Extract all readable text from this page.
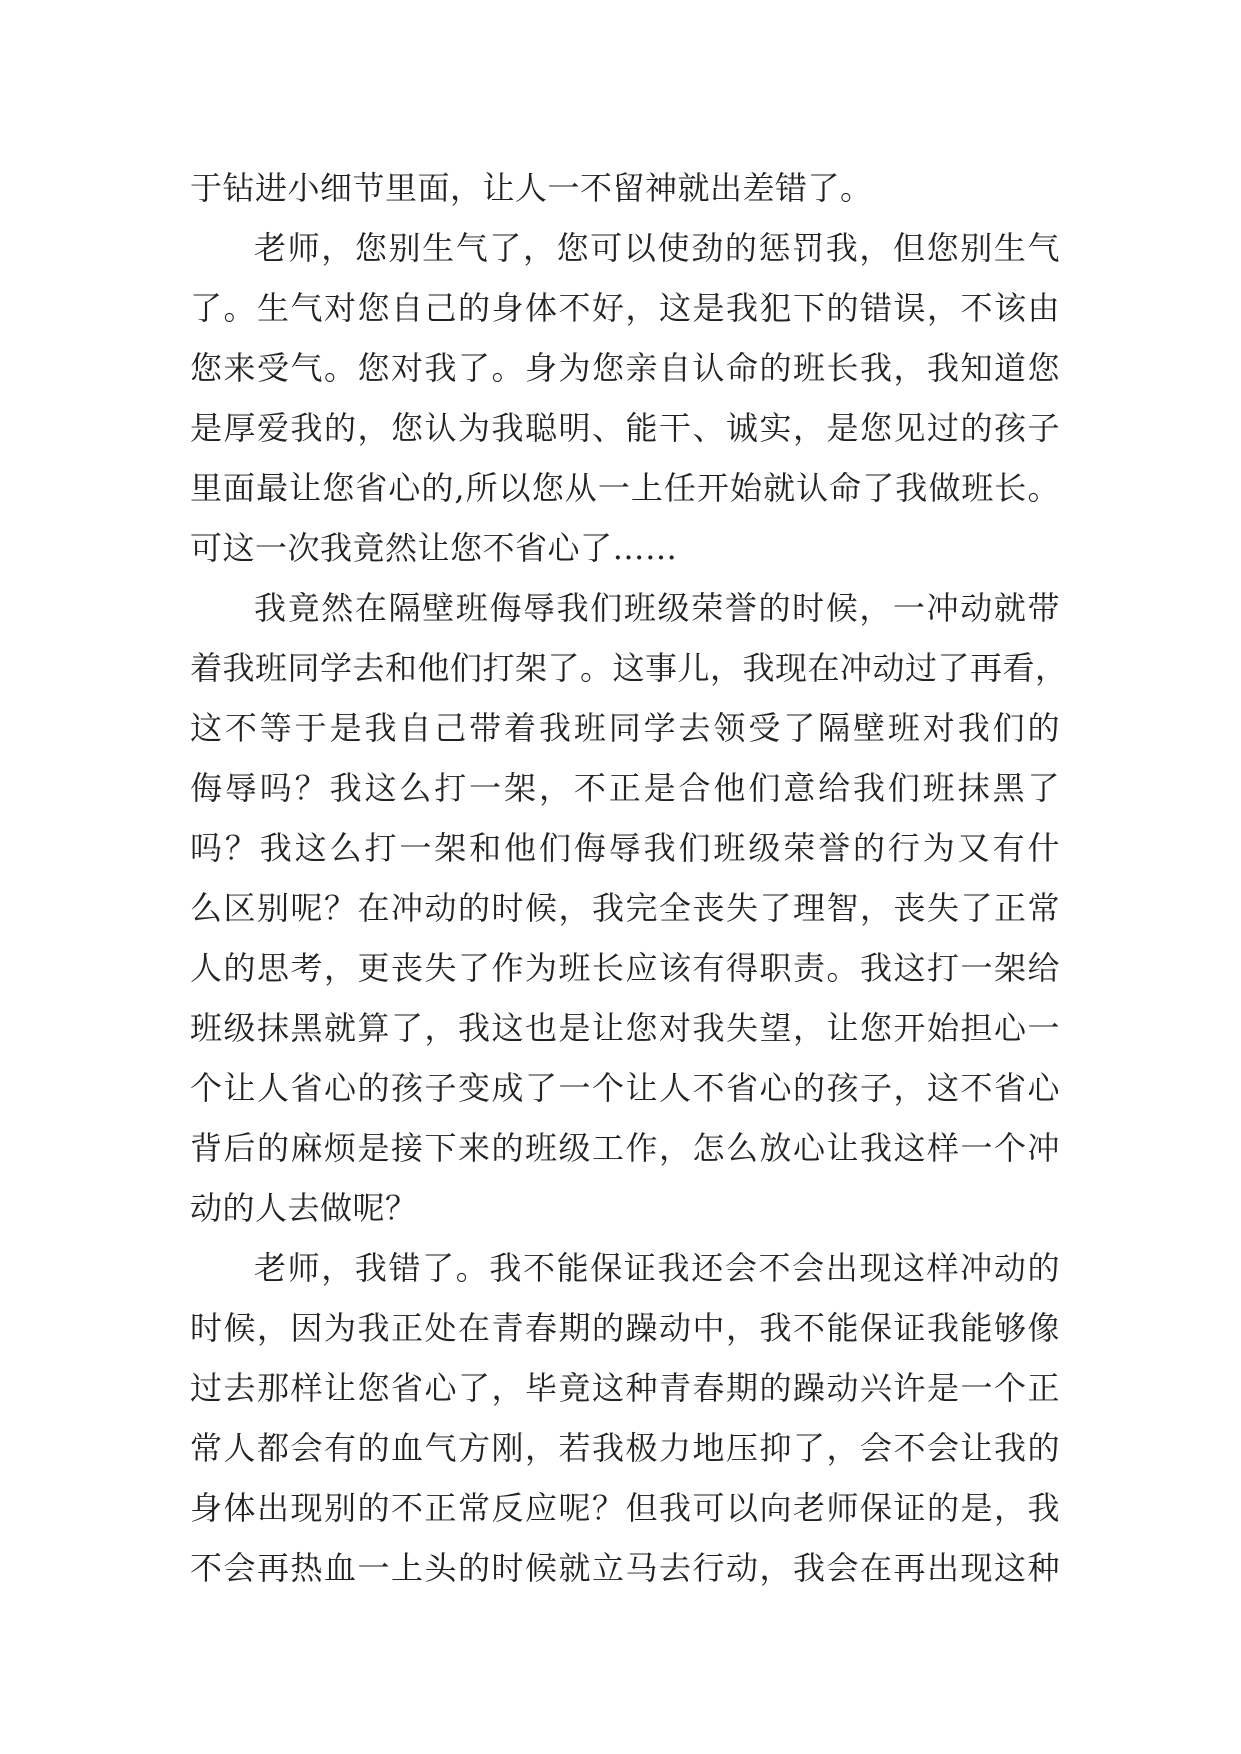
于钻进小细节里面，让人一不留神就出差错了。
老师，您别生气了，您可以使劲的惩罚我，但您别生气
了。生气对您自己的身体不好，这是我犯下的错误，不该由
您来受气。您对我了。身为您亲自认命的班长我，我知道您
是厚爱我的，您认为我聪明、能干、诚实，是您见过的孩子
里面最让您省心的,所以您从一上任开始就认命了我做班长。
可这一次我竟然让您不省心了……
我竟然在隔壁班侮辱我们班级荣誉的时候，一冲动就带
着我班同学去和他们打架了。这事儿，我现在冲动过了再看，
这不等于是我自己带着我班同学去领受了隔壁班对我们的
侮辱吗？我这么打一架，不正是合他们意给我们班抹黑了
吗？我这么打一架和他们侮辱我们班级荣誉的行为又有什
么区别呢？在冲动的时候，我完全丧失了理智，丧失了正常
人的思考，更丧失了作为班长应该有得职责。我这打一架给
班级抹黑就算了，我这也是让您对我失望，让您开始担心一
个让人省心的孩子变成了一个让人不省心的孩子，这不省心
背后的麻烦是接下来的班级工作，怎么放心让我这样一个冲
动的人去做呢？
老师，我错了。我不能保证我还会不会出现这样冲动的
时候，因为我正处在青春期的躁动中，我不能保证我能够像
过去那样让您省心了，毕竟这种青春期的躁动兴许是一个正
常人都会有的血气方刚，若我极力地压抑了，会不会让我的
身体出现别的不正常反应呢？但我可以向老师保证的是，我
不会再热血一上头的时候就立马去行动，我会在再出现这种
